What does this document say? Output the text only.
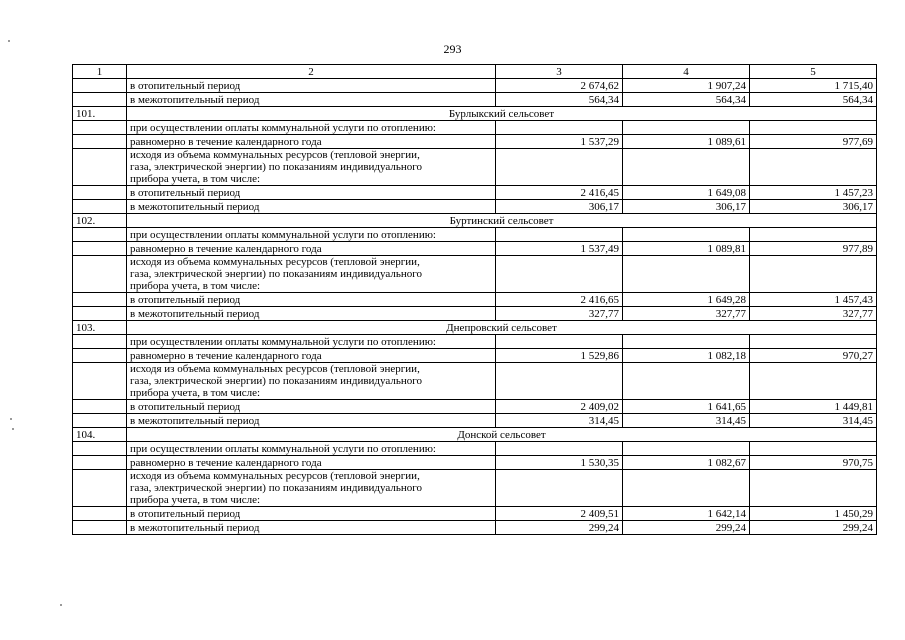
293
1	2	3	4	5
	в отопительный период	2 674,62	1 907,24	1 715,40
	в межотопительный период	564,34	564,34	564,34
101.	Бурлыкский сельсовет			
	при осуществлении оплаты коммунальной услуги по отоплению:			
	равномерно в течение календарного года	1 537,29	1 089,61	977,69

	исходя из объема коммунальных ресурсов (тепловой энергии,
газа, электрической энергии) по показаниям индивидуального
прибора учета, в том числе:			

	в отопительный период	2 416,45	1 649,08	1 457,23
	в межотопительный период	306,17	306,17	306,17
102.	Буртинский сельсовет			
	при осуществлении оплаты коммунальной услуги по отоплению:			
	равномерно в течение календарного года	1 537,49	1 089,81	977,89

	исходя из объема коммунальных ресурсов (тепловой энергии,
газа, электрической энергии) по показаниям индивидуального
прибора учета, в том числе:			

	в отопительный период	2 416,65	1 649,28	1 457,43
	в межотопительный период	327,77	327,77	327,77
103.	Днепровский сельсовет			
	при осуществлении оплаты коммунальной услуги по отоплению:			
	равномерно в течение календарного года	1 529,86	1 082,18	970,27

	исходя из объема коммунальных ресурсов (тепловой энергии,
газа, электрической энергии) по показаниям индивидуального
прибора учета, в том числе:			

	в отопительный период	2 409,02	1 641,65	1 449,81
	в межотопительный период	314,45	314,45	314,45
104.	Донской сельсовет			
	при осуществлении оплаты коммунальной услуги по отоплению:			
	равномерно в течение календарного года	1 530,35	1 082,67	970,75

	исходя из объема коммунальных ресурсов (тепловой энергии,
газа, электрической энергии) по показаниям индивидуального
прибора учета, в том числе:			

	в отопительный период	2 409,51	1 642,14	1 450,29
	в межотопительный период	299,24	299,24	299,24
